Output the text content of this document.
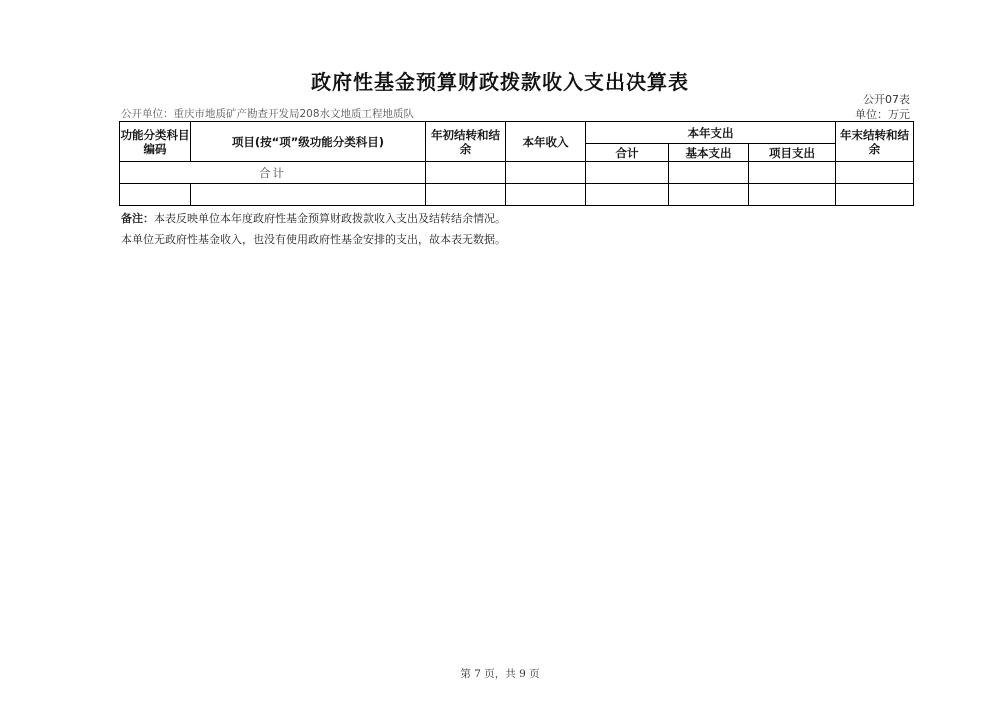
政府性基金预算财政拨款收入支出决算表
公开07表
单位：万元
公开单位：重庆市地质矿产勘查开发局208水文地质工程地质队
功能分类科目编码	项目(按“项”级功能分类科目)	年初结转和结余	本年收入	本年支出			年末结转和结余
				合计	基本支出	项目支出	
合计							

备注：本表反映单位本年度政府性基金预算财政拨款收入支出及结转结余情况。
本单位无政府性基金收入，也没有使用政府性基金安排的支出，故本表无数据。
第 7 页，共 9 页
